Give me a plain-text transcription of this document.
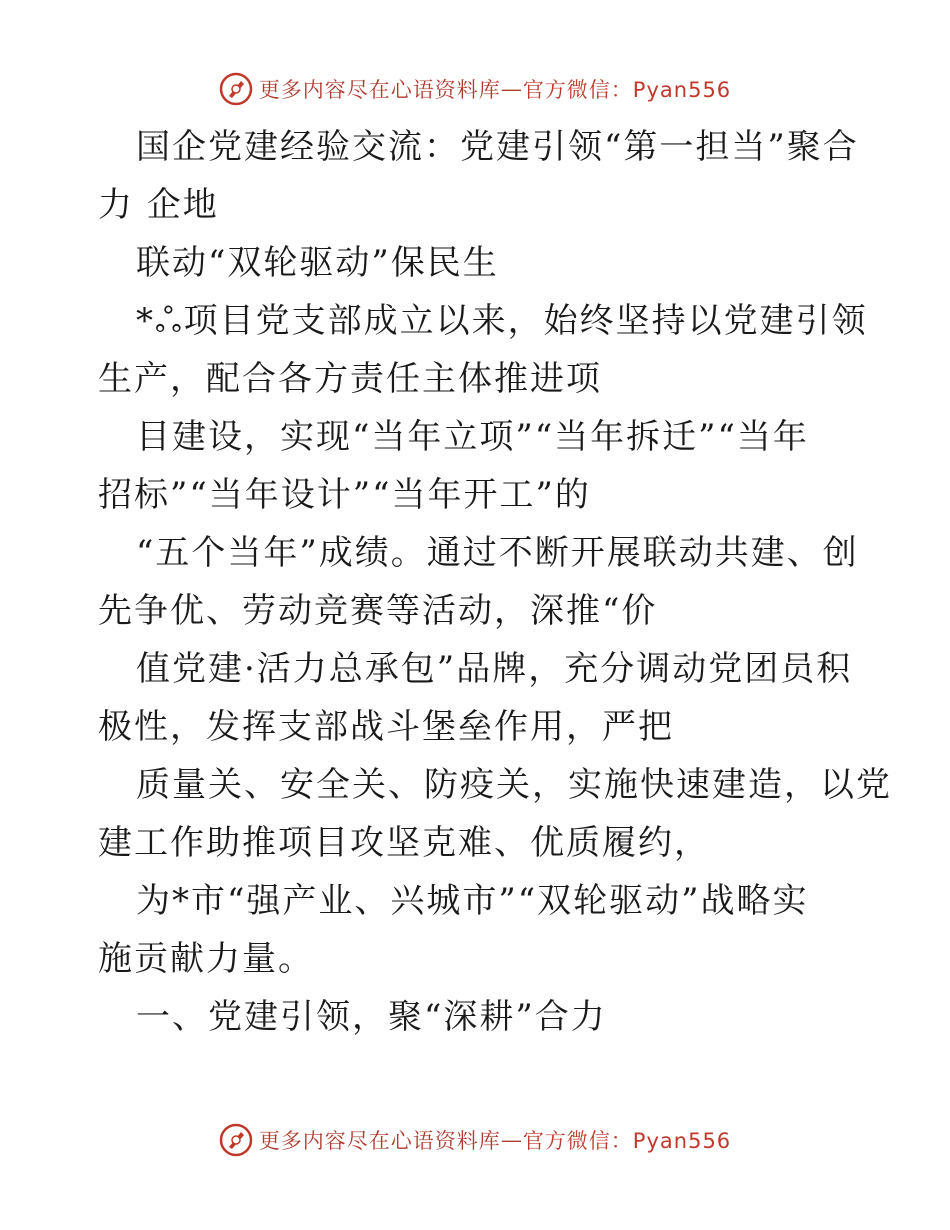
更多内容尽在心语资料库 — 官方微信：Pyan556
国企党建经验交流：党建引领“第一担当”聚合
力 企地
联动“双轮驱动”保民生
*ஃ项目党支部成立以来，始终坚持以党建引领
生产，配合各方责任主体推进项
目建设，实现“当年立项”“当年拆迁”“当年
招标”“当年设计”“当年开工”的
“五个当年”成绩。通过不断开展联动共建、创
先争优、劳动竞赛等活动，深推“价
值党建·活力总承包”品牌，充分调动党团员积
极性，发挥支部战斗堡垒作用，严把
质量关、安全关、防疫关，实施快速建造，以党
建工作助推项目攻坚克难、优质履约，
为*市“强产业、兴城市”“双轮驱动”战略实
施贡献力量。
一、党建引领，聚“深耕”合力
更多内容尽在心语资料库 — 官方微信：Pyan556
